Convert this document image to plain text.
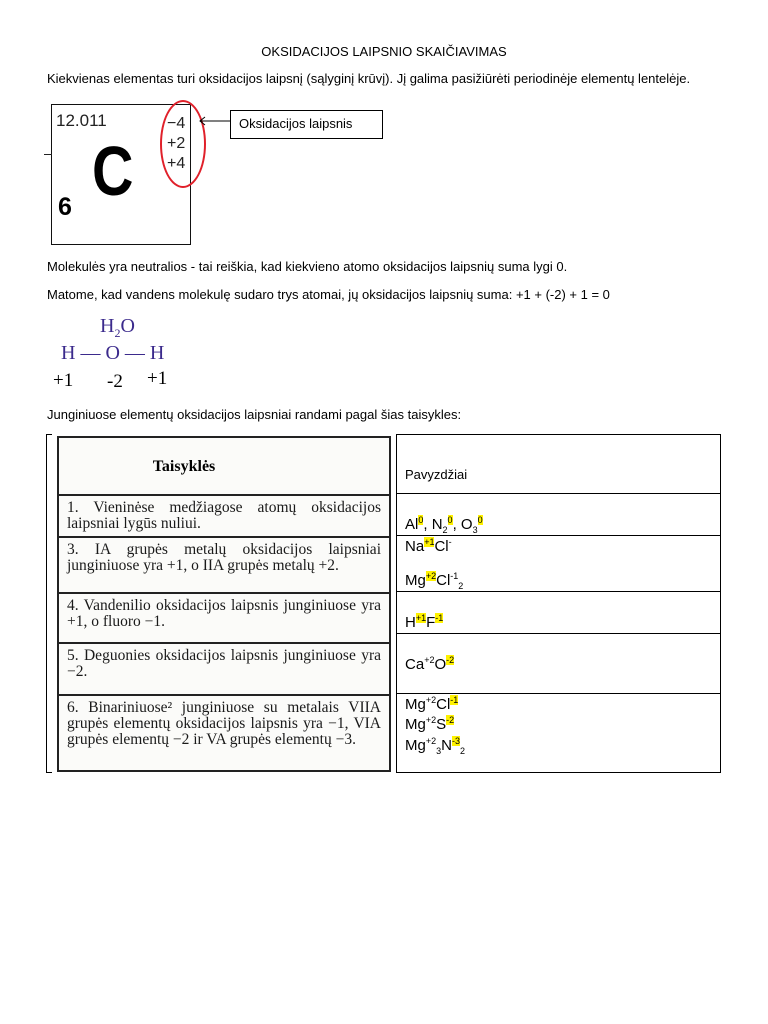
OKSIDACIJOS LAIPSNIO SKAIČIAVIMAS
Kiekvienas elementas turi oksidacijos laipsnį (sąlyginį krūvį). Jį galima pasižiūrėti periodinėje elementų lentelėje.
12.011
C
6
−4
+2
+4
Oksidacijos laipsnis
Molekulės yra neutralios - tai reiškia, kad kiekvieno atomo oksidacijos laipsnių suma lygi 0.
Matome, kad vandens molekulę sudaro trys atomai, jų oksidacijos laipsnių suma: +1 + (-2) + 1 = 0
$H_2O$
H — O — H
+1 -2 +1
Junginiuose elementų oksidacijos laipsniai randami pagal šias taisykles:
Taisyklės
1. Vieninėse medžiagose atomų oksidacijos laipsniai lygūs nuliui.
3. IA grupės metalų oksidacijos laipsniai junginiuose yra +1, o IIA grupės metalų +2.
4. Vandenilio oksidacijos laipsnis junginiuose yra +1, o fluoro −1.
5. Deguonies oksidacijos laipsnis junginiuose yra −2.
6. Binariniuose² junginiuose su metalais VIIA grupės elementų oksidacijos laipsnis yra −1, VIA grupės elementų −2 ir VA grupės elementų −3.
Pavyzdžiai
Al$^0$, $N_2^0$, $O_3^0$
$Na^{+1}Cl^-$
$Mg^{+2}Cl^{-1}_2$
$H^{+1}F^{-1}$
$Ca^{+2}O^{-2}$
$Mg^{+2}Cl^{-1}$
$Mg^{+2}S^{-2}$
$Mg^{+2}_3N^{-3}_2$
